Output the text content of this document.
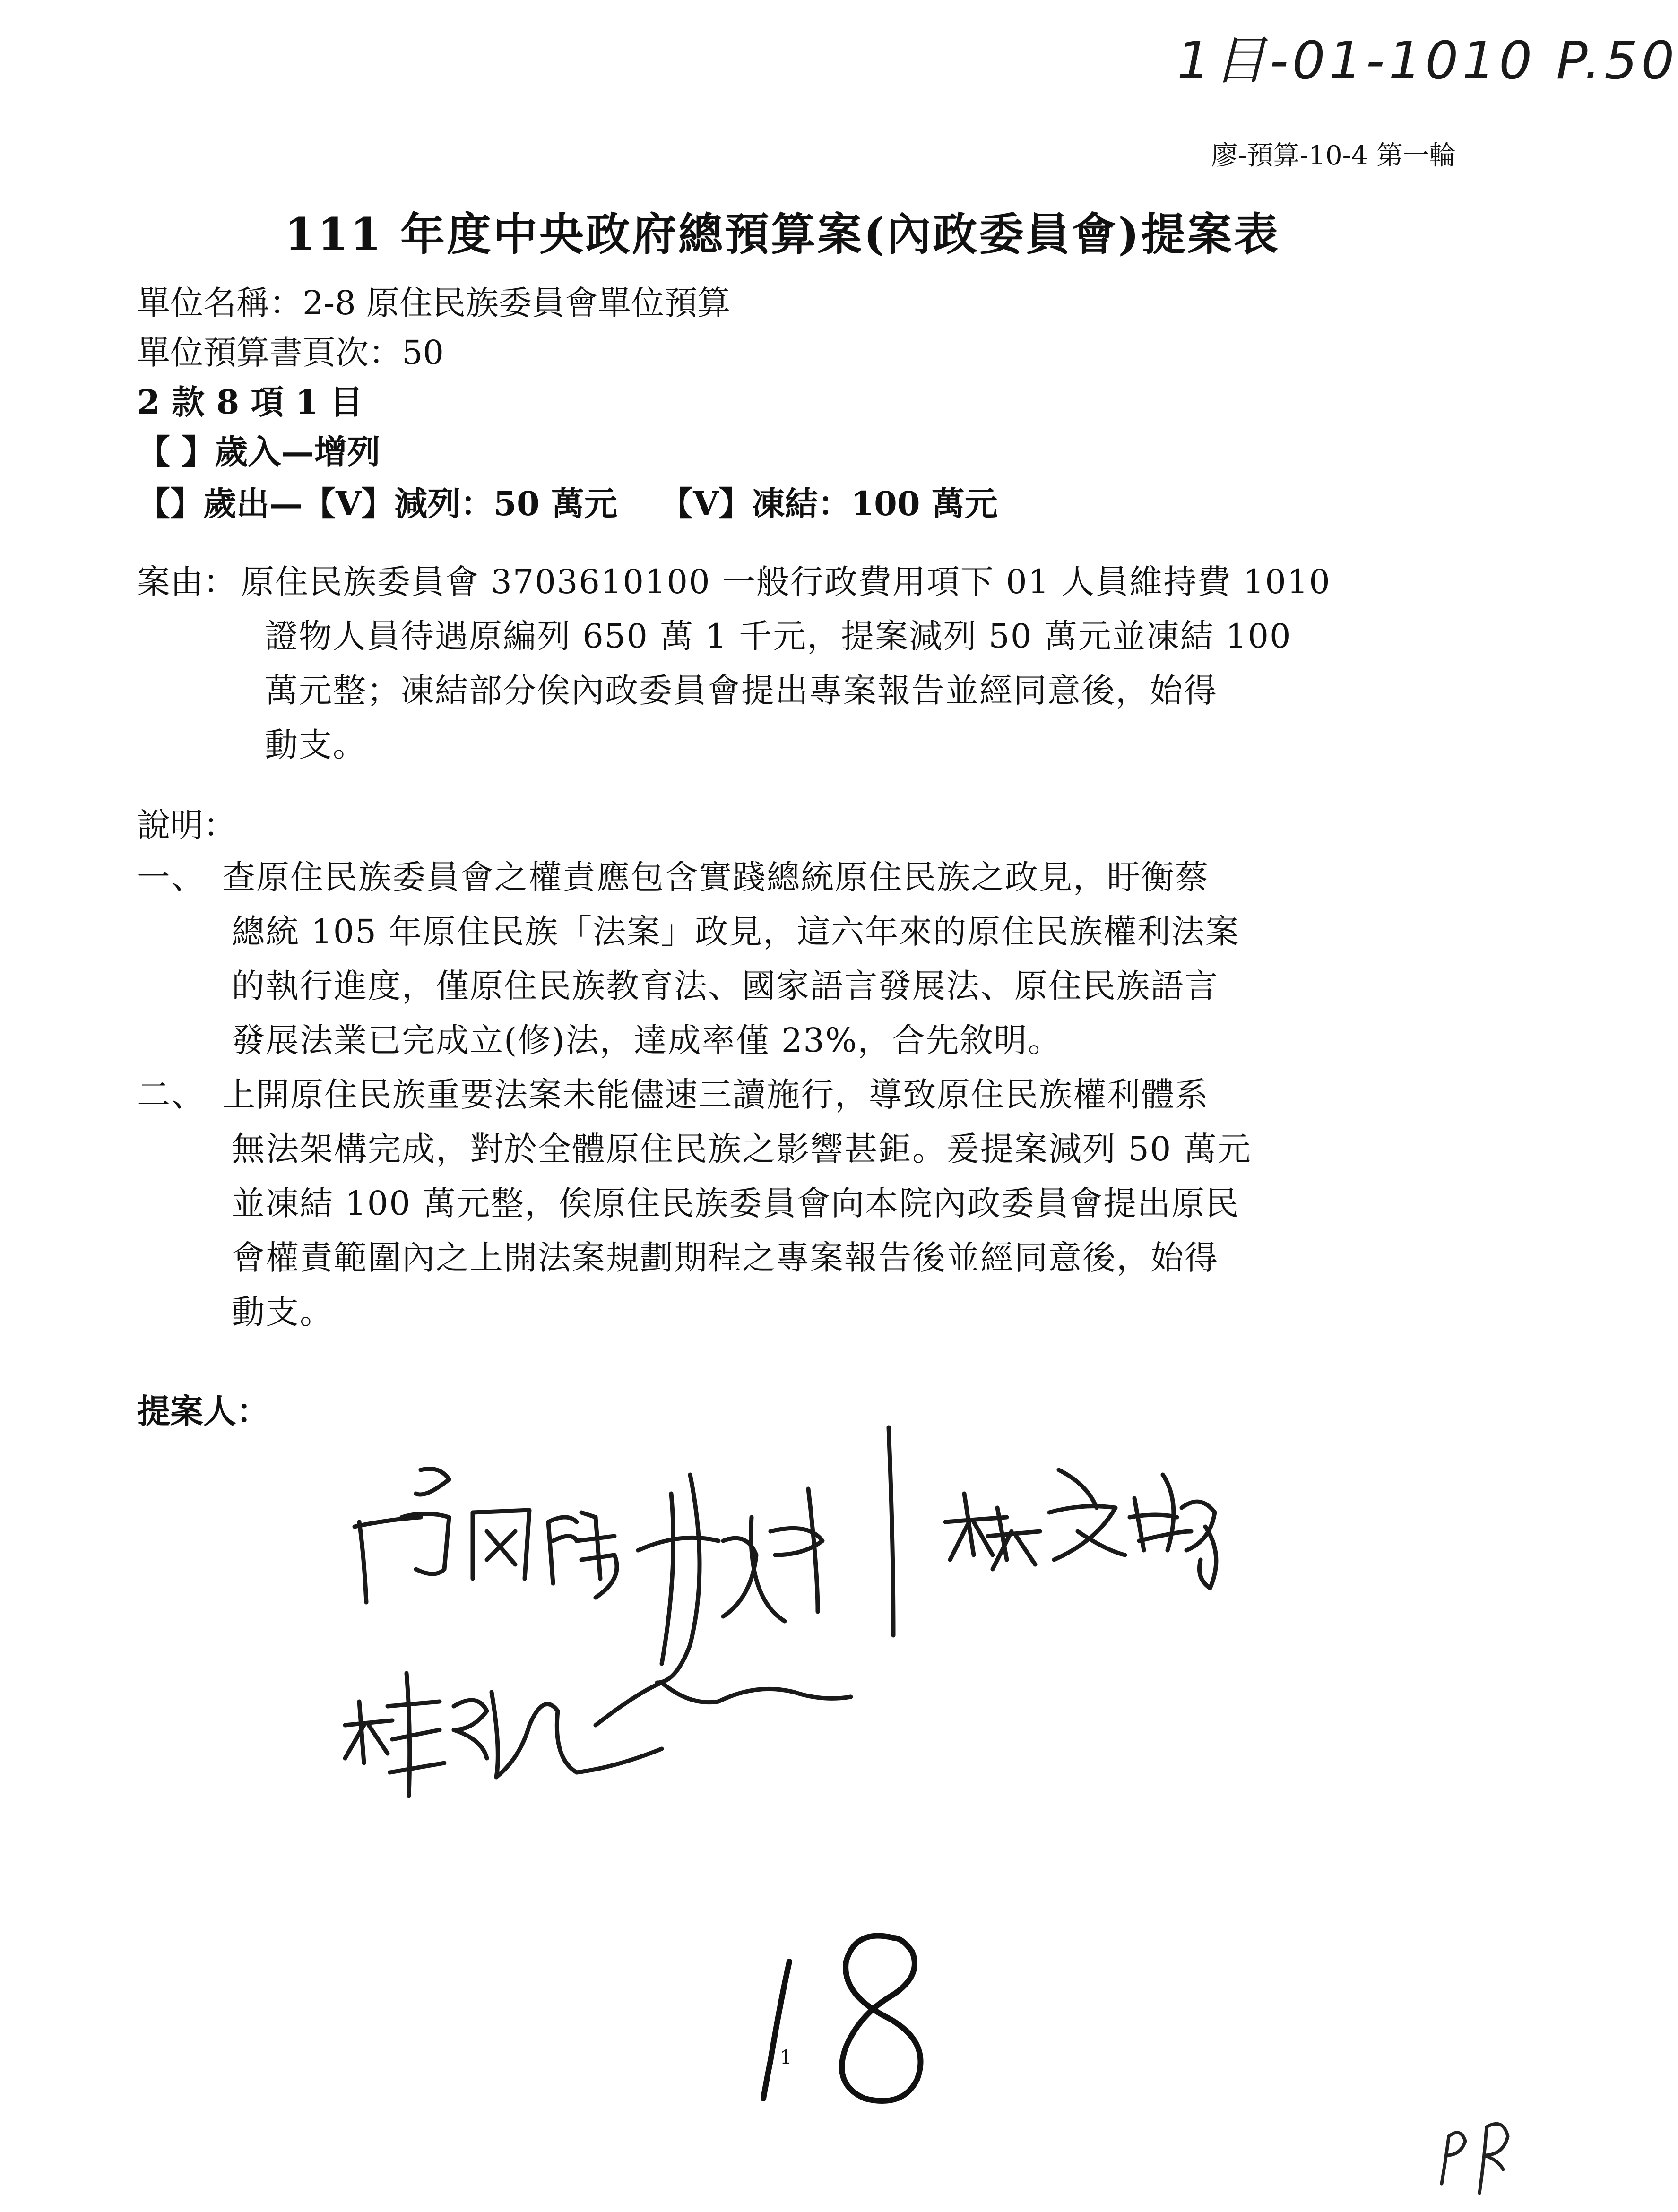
1目-01-1010 P.50
廖-預算-10-4 第一輪
111 年度中央政府總預算案(內政委員會)提案表
單位名稱：2-8 原住民族委員會單位預算
單位預算書頁次：50
2 款 8 項 1 目
【 】歲入—增列
【】歲出—【V】減列：50 萬元 【V】凍結：100 萬元
案由： 原住民族委員會 3703610100 一般行政費用項下 01 人員維持費 1010
證物人員待遇原編列 650 萬 1 千元，提案減列 50 萬元並凍結 100
萬元整；凍結部分俟內政委員會提出專案報告並經同意後，始得
動支。
說明：
一、 查原住民族委員會之權責應包含實踐總統原住民族之政見，盱衡蔡
總統 105 年原住民族「法案」政見，這六年來的原住民族權利法案
的執行進度，僅原住民族教育法、國家語言發展法、原住民族語言
發展法業已完成立(修)法，達成率僅 23%，合先敘明。
二、 上開原住民族重要法案未能儘速三讀施行，導致原住民族權利體系
無法架構完成，對於全體原住民族之影響甚鉅。爰提案減列 50 萬元
並凍結 100 萬元整，俟原住民族委員會向本院內政委員會提出原民
會權責範圍內之上開法案規劃期程之專案報告後並經同意後，始得
動支。
提案人：
1
